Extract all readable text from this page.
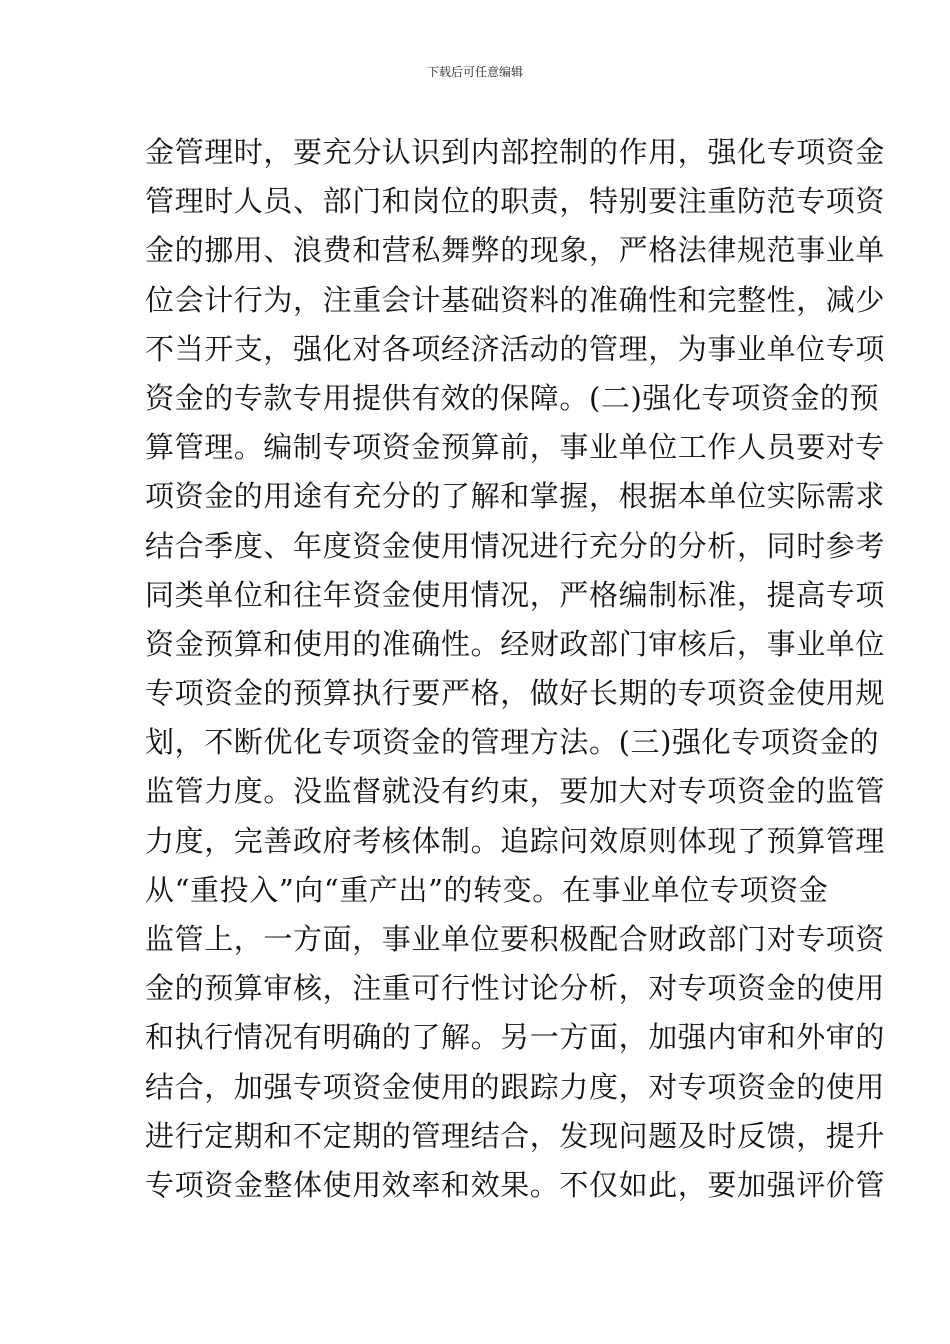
下载后可任意编辑
金管理时，要充分认识到内部控制的作用，强化专项资金
管理时人员、部门和岗位的职责，特别要注重防范专项资
金的挪用、浪费和营私舞弊的现象，严格法律规范事业单
位会计行为，注重会计基础资料的准确性和完整性，减少
不当开支，强化对各项经济活动的管理，为事业单位专项
资金的专款专用提供有效的保障。(二)强化专项资金的预
算管理。编制专项资金预算前，事业单位工作人员要对专
项资金的用途有充分的了解和掌握，根据本单位实际需求
结合季度、年度资金使用情况进行充分的分析，同时参考
同类单位和往年资金使用情况，严格编制标准，提高专项
资金预算和使用的准确性。经财政部门审核后，事业单位
专项资金的预算执行要严格，做好长期的专项资金使用规
划，不断优化专项资金的管理方法。(三)强化专项资金的
监管力度。没监督就没有约束，要加大对专项资金的监管
力度，完善政府考核体制。追踪问效原则体现了预算管理
从“重投入”向“重产出”的转变。在事业单位专项资金
监管上，一方面，事业单位要积极配合财政部门对专项资
金的预算审核，注重可行性讨论分析，对专项资金的使用
和执行情况有明确的了解。另一方面，加强内审和外审的
结合，加强专项资金使用的跟踪力度，对专项资金的使用
进行定期和不定期的管理结合，发现问题及时反馈，提升
专项资金整体使用效率和效果。不仅如此，要加强评价管
